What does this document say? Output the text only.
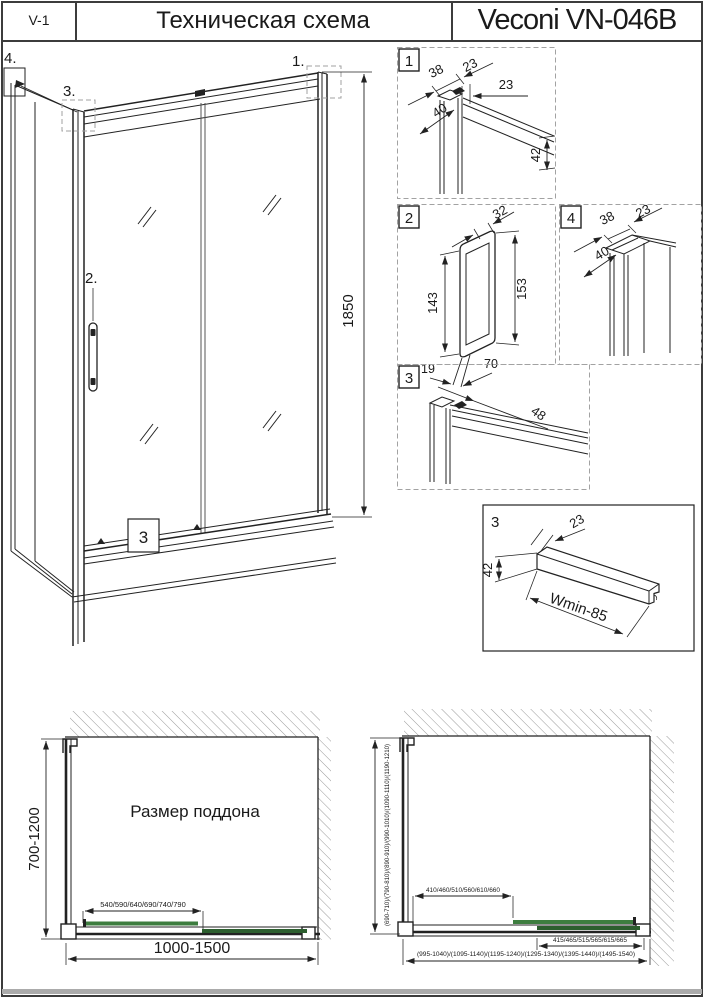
V-1	Техническая схема	Veconi VN-046B
4.
3.
1.
2.
3
1850
1 38 23
23
40
42
2	32
143
153
19	70
4 38 23
40
3
48
3	23
42
Wmin-85
Размер поддона
700-1200
1000-1500
540/590/640/690/740/790	(690-710)/(790-810)/(890-910)/(990-1010)/(1090-1110)/(1190-1210)	410/460/510/560/610/660
415/465/515/565/615/665
(995-1040)/(1095-1140)/(1195-1240)/(1295-1340)/(1395-1440)/(1495-1540)
